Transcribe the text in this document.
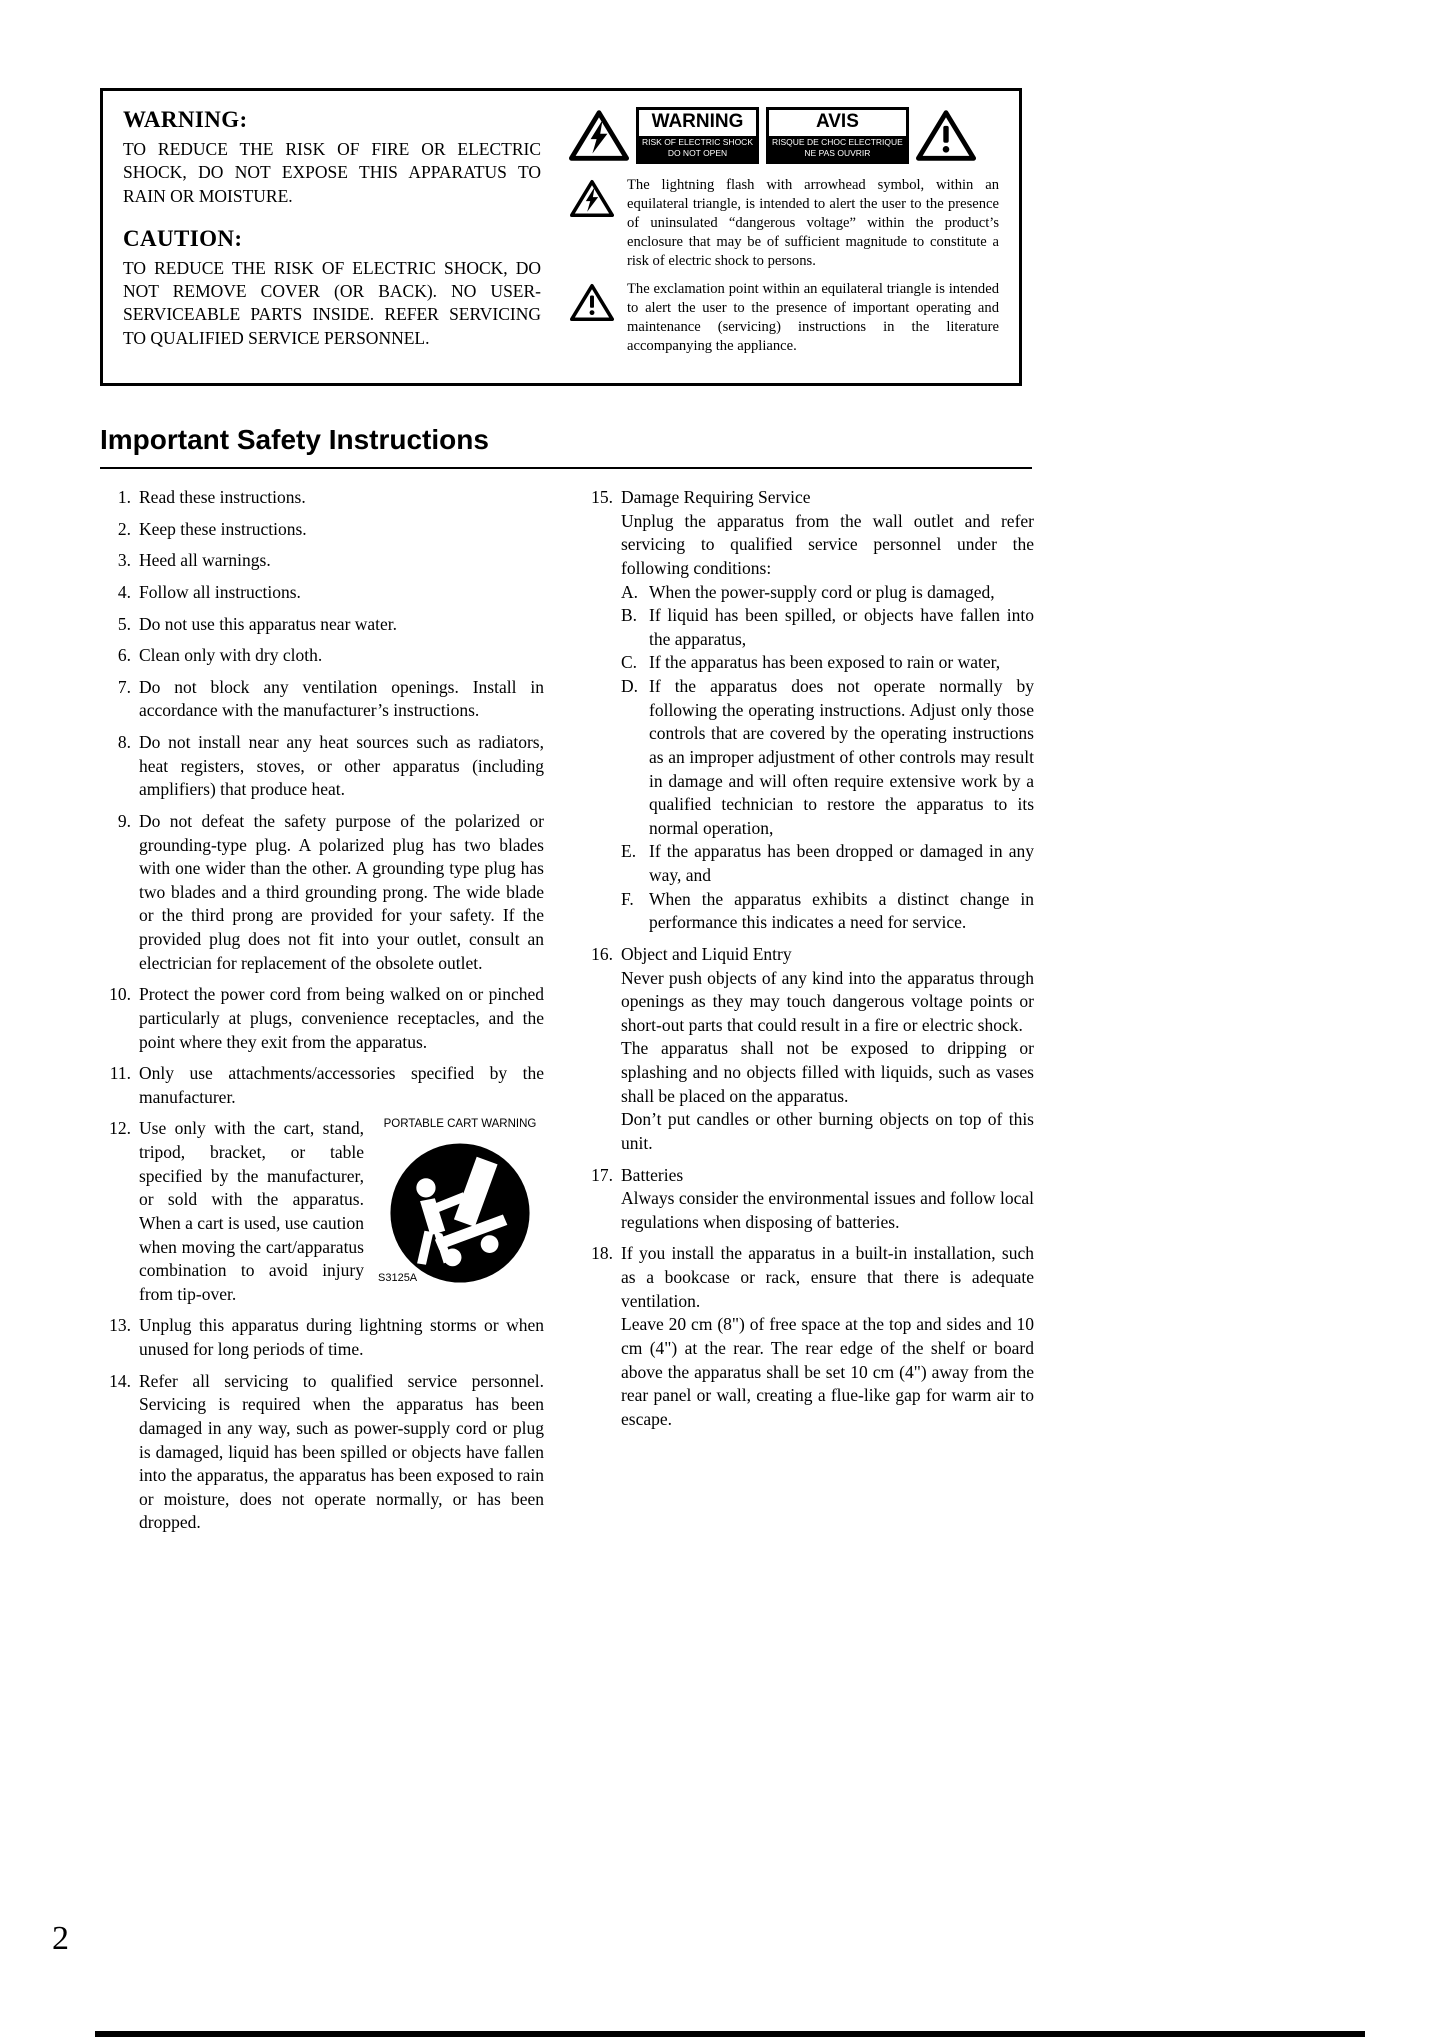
WARNING:
TO REDUCE THE RISK OF FIRE OR ELECTRIC SHOCK, DO NOT EXPOSE THIS APPARATUS TO RAIN OR MOISTURE.
CAUTION:
TO REDUCE THE RISK OF ELECTRIC SHOCK, DO NOT REMOVE COVER (OR BACK). NO USER-SERVICEABLE PARTS INSIDE. REFER SERVICING TO QUALIFIED SERVICE PERSONNEL.
WARNING
RISK OF ELECTRIC SHOCK
DO NOT OPEN
AVIS
RISQUE DE CHOC ELECTRIQUE
NE PAS OUVRIR
The lightning flash with arrowhead symbol, within an equilateral triangle, is intended to alert the user to the presence of uninsulated “dangerous voltage” within the product’s enclosure that may be of sufficient magnitude to constitute a risk of electric shock to persons.
The exclamation point within an equilateral triangle is intended to alert the user to the presence of important operating and maintenance (servicing) instructions in the literature accompanying the appliance.
Important Safety Instructions
1. Read these instructions.
2. Keep these instructions.
3. Heed all warnings.
4. Follow all instructions.
5. Do not use this apparatus near water.
6. Clean only with dry cloth.
7. Do not block any ventilation openings. Install in accordance with the manufacturer’s instructions.
8. Do not install near any heat sources such as radiators, heat registers, stoves, or other apparatus (including amplifiers) that produce heat.
9. Do not defeat the safety purpose of the polarized or grounding-type plug. A polarized plug has two blades with one wider than the other. A grounding type plug has two blades and a third grounding prong. The wide blade or the third prong are provided for your safety. If the provided plug does not fit into your outlet, consult an electrician for replacement of the obsolete outlet.
10. Protect the power cord from being walked on or pinched particularly at plugs, convenience receptacles, and the point where they exit from the apparatus.
11. Only use attachments/accessories specified by the manufacturer.
12.	PORTABLE CART WARNING
S3125A
Use only with the cart, stand, tripod, bracket, or table specified by the manufacturer, or sold with the apparatus. When a cart is used, use caution when moving the cart/apparatus combination to avoid injury from tip-over.
13. Unplug this apparatus during lightning storms or when unused for long periods of time.
14. Refer all servicing to qualified service personnel. Servicing is required when the apparatus has been damaged in any way, such as power-supply cord or plug is damaged, liquid has been spilled or objects have fallen into the apparatus, the apparatus has been exposed to rain or moisture, does not operate normally, or has been dropped.
15. Damage Requiring Service
Unplug the apparatus from the wall outlet and refer servicing to qualified service personnel under the following conditions:
A. When the power-supply cord or plug is damaged,
B. If liquid has been spilled, or objects have fallen into the apparatus,
C. If the apparatus has been exposed to rain or water,
D. If the apparatus does not operate normally by following the operating instructions. Adjust only those controls that are covered by the operating instructions as an improper adjustment of other controls may result in damage and will often require extensive work by a qualified technician to restore the apparatus to its normal operation,
E. If the apparatus has been dropped or damaged in any way, and
F. When the apparatus exhibits a distinct change in performance this indicates a need for service.
16. Object and Liquid Entry
Never push objects of any kind into the apparatus through openings as they may touch dangerous voltage points or short-out parts that could result in a fire or electric shock.
The apparatus shall not be exposed to dripping or splashing and no objects filled with liquids, such as vases shall be placed on the apparatus.
Don’t put candles or other burning objects on top of this unit.
17. Batteries
Always consider the environmental issues and follow local regulations when disposing of batteries.
18. If you install the apparatus in a built-in installation, such as a bookcase or rack, ensure that there is adequate ventilation.
Leave 20 cm (8") of free space at the top and sides and 10 cm (4") at the rear. The rear edge of the shelf or board above the apparatus shall be set 10 cm (4") away from the rear panel or wall, creating a flue-like gap for warm air to escape.
2
